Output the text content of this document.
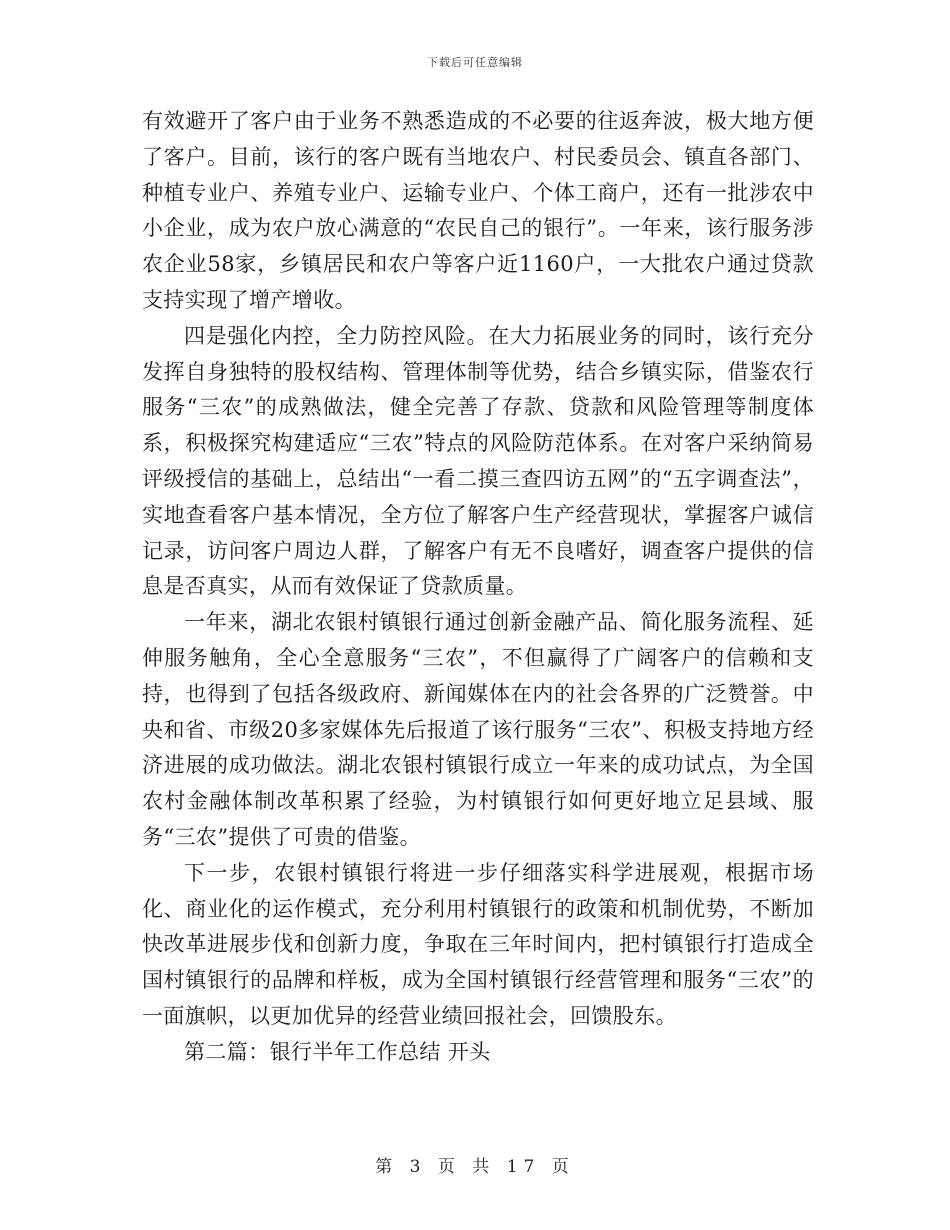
下载后可任意编辑

有效避开了客户由于业务不熟悉造成的不必要的往返奔波，极大地方便了客户。目前，该行的客户既有当地农户、村民委员会、镇直各部门、种植专业户、养殖专业户、运输专业户、个体工商户，还有一批涉农中小企业，成为农户放心满意的“农民自己的银行”。一年来，该行服务涉农企业58家，乡镇居民和农户等客户近1160户，一大批农户通过贷款支持实现了增产增收。

四是强化内控，全力防控风险。在大力拓展业务的同时，该行充分发挥自身独特的股权结构、管理体制等优势，结合乡镇实际，借鉴农行服务“三农”的成熟做法，健全完善了存款、贷款和风险管理等制度体系，积极探究构建适应“三农”特点的风险防范体系。在对客户采纳简易评级授信的基础上，总结出“一看二摸三查四访五网”的“五字调查法”，实地查看客户基本情况，全方位了解客户生产经营现状，掌握客户诚信记录，访问客户周边人群，了解客户有无不良嗜好，调查客户提供的信息是否真实，从而有效保证了贷款质量。

一年来，湖北农银村镇银行通过创新金融产品、简化服务流程、延伸服务触角，全心全意服务“三农”，不但赢得了广阔客户的信赖和支持，也得到了包括各级政府、新闻媒体在内的社会各界的广泛赞誉。中央和省、市级20多家媒体先后报道了该行服务“三农”、积极支持地方经济进展的成功做法。湖北农银村镇银行成立一年来的成功试点，为全国农村金融体制改革积累了经验，为村镇银行如何更好地立足县域、服务“三农”提供了可贵的借鉴。

下一步，农银村镇银行将进一步仔细落实科学进展观，根据市场化、商业化的运作模式，充分利用村镇银行的政策和机制优势，不断加快改革进展步伐和创新力度，争取在三年时间内，把村镇银行打造成全国村镇银行的品牌和样板，成为全国村镇银行经营管理和服务“三农”的一面旗帜，以更加优异的经营业绩回报社会，回馈股东。

第二篇：银行半年工作总结 开头

第 3 页 共 17 页
